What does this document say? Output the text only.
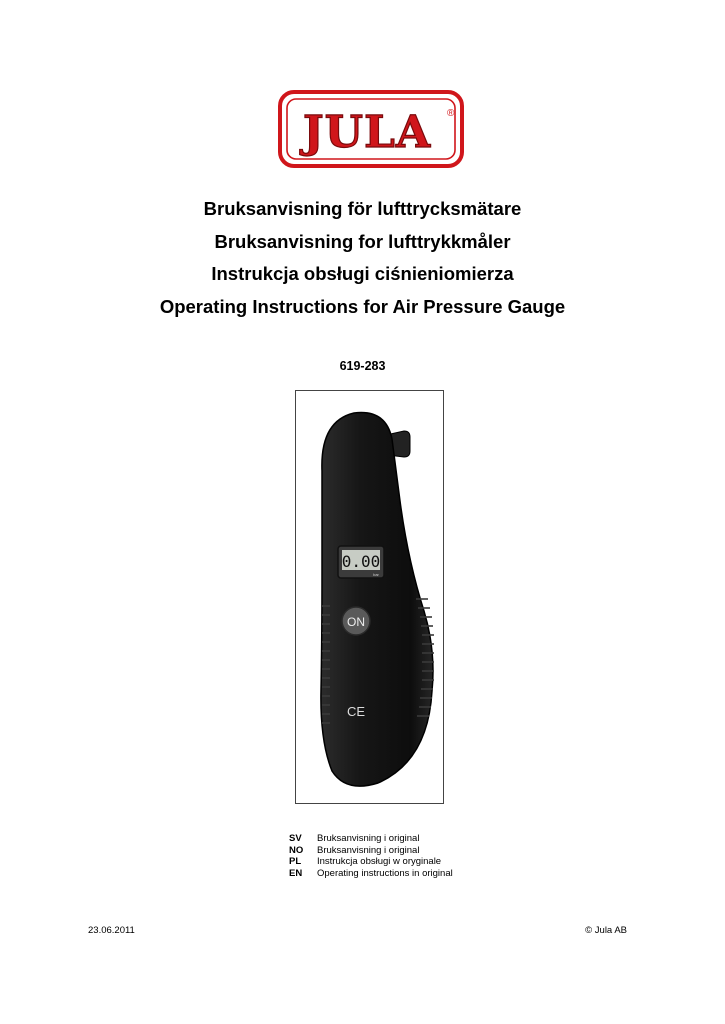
JULA ®

Bruksanvisning för lufttrycksmätare

Bruksanvisning for lufttrykkmåler

Instrukcja obsługi ciśnieniomierza

Operating Instructions for Air Pressure Gauge

619-283
0.00
bar
ON
CE
SV	Bruksanvisning i original
NO	Bruksanvisning i original
PL	Instrukcja obsługi w oryginale
EN	Operating instructions in original
23.06.2011	© Jula AB
